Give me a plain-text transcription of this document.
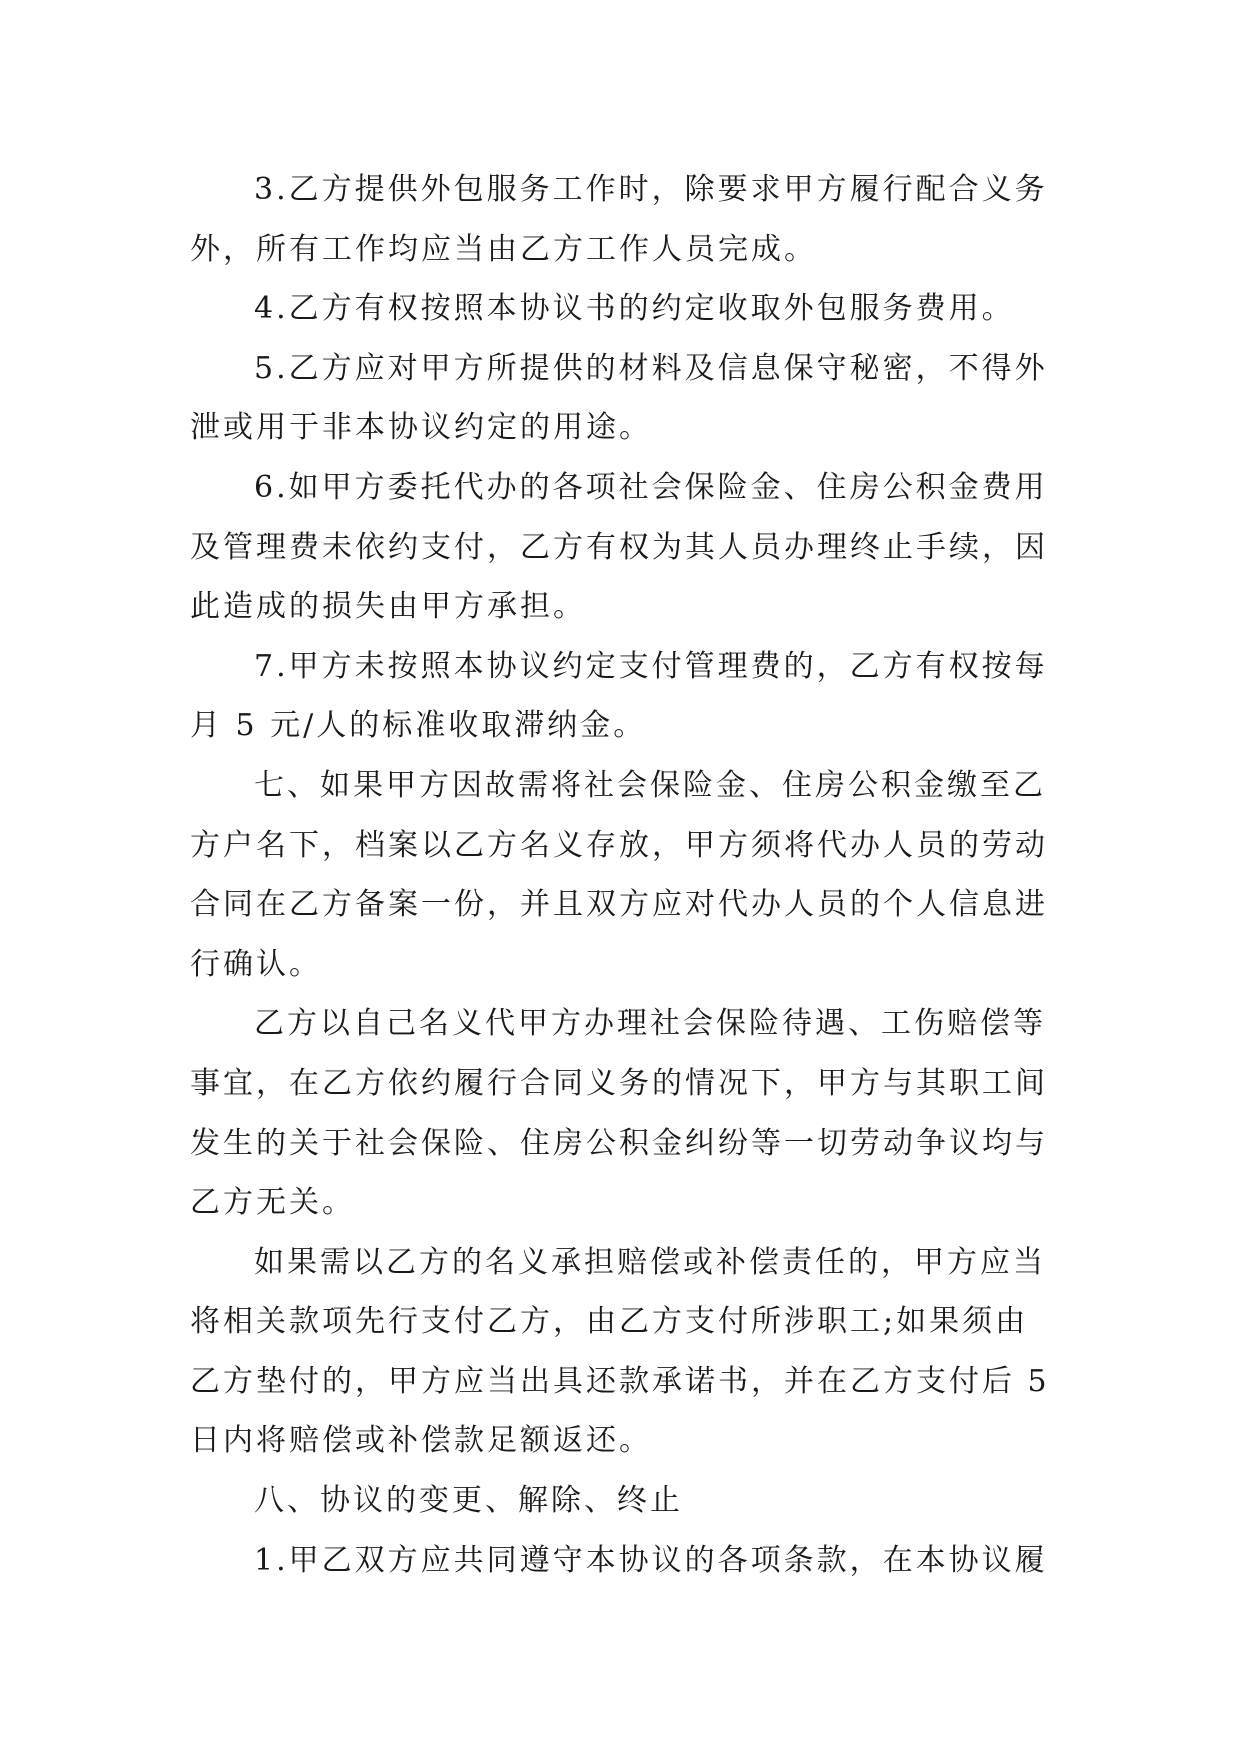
3.乙方提供外包服务工作时，除要求甲方履行配合义务
外，所有工作均应当由乙方工作人员完成。
4.乙方有权按照本协议书的约定收取外包服务费用。
5.乙方应对甲方所提供的材料及信息保守秘密，不得外
泄或用于非本协议约定的用途。
6.如甲方委托代办的各项社会保险金、住房公积金费用
及管理费未依约支付，乙方有权为其人员办理终止手续，因
此造成的损失由甲方承担。
7.甲方未按照本协议约定支付管理费的，乙方有权按每
月 5 元/人的标准收取滞纳金。
七、如果甲方因故需将社会保险金、住房公积金缴至乙
方户名下，档案以乙方名义存放，甲方须将代办人员的劳动
合同在乙方备案一份，并且双方应对代办人员的个人信息进
行确认。
乙方以自己名义代甲方办理社会保险待遇、工伤赔偿等
事宜，在乙方依约履行合同义务的情况下，甲方与其职工间
发生的关于社会保险、住房公积金纠纷等一切劳动争议均与
乙方无关。
如果需以乙方的名义承担赔偿或补偿责任的，甲方应当
将相关款项先行支付乙方，由乙方支付所涉职工;如果须由
乙方垫付的，甲方应当出具还款承诺书，并在乙方支付后 5
日内将赔偿或补偿款足额返还。
八、协议的变更、解除、终止
1.甲乙双方应共同遵守本协议的各项条款，在本协议履
